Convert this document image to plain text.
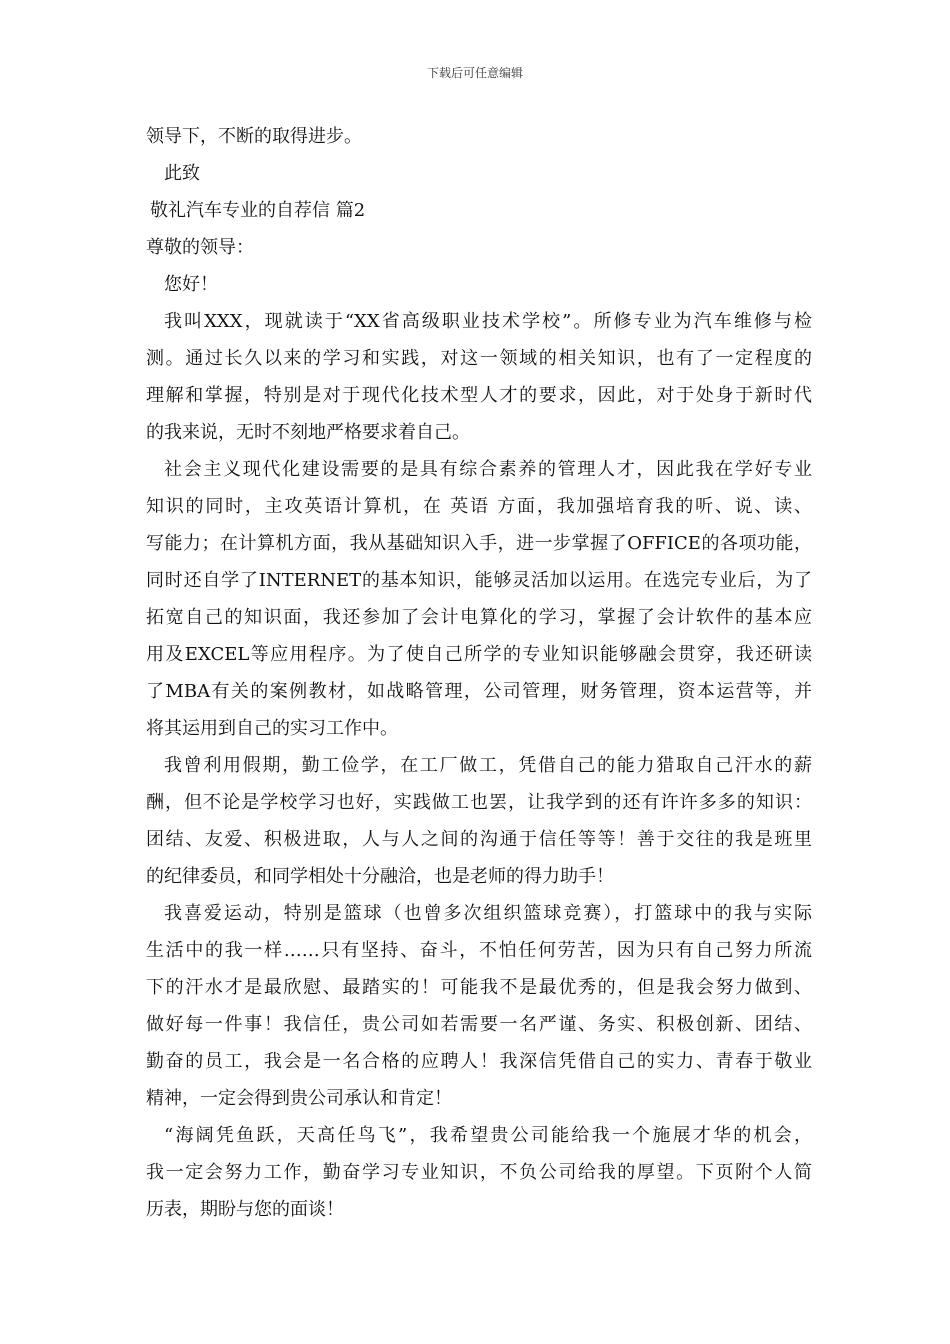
下载后可任意编辑
领导下，不断的取得进步。
此致
敬礼汽车专业的自荐信 篇2
尊敬的领导：
您好！
我叫XXX，现就读于“XX省高级职业技术学校”。所修专业为汽车维修与检
测。通过长久以来的学习和实践，对这一领域的相关知识，也有了一定程度的
理解和掌握，特别是对于现代化技术型人才的要求，因此，对于处身于新时代
的我来说，无时不刻地严格要求着自己。
社会主义现代化建设需要的是具有综合素养的管理人才，因此我在学好专业
知识的同时，主攻英语计算机，在 英语 方面，我加强培育我的听、说、读、
写能力；在计算机方面，我从基础知识入手，进一步掌握了OFFICE的各项功能，
同时还自学了INTERNET的基本知识，能够灵活加以运用。在选完专业后，为了
拓宽自己的知识面，我还参加了会计电算化的学习，掌握了会计软件的基本应
用及EXCEL等应用程序。为了使自己所学的专业知识能够融会贯穿，我还研读
了MBA有关的案例教材，如战略管理，公司管理，财务管理，资本运营等，并
将其运用到自己的实习工作中。
我曾利用假期，勤工俭学，在工厂做工，凭借自己的能力猎取自己汗水的薪
酬，但不论是学校学习也好，实践做工也罢，让我学到的还有许许多多的知识：
团结、友爱、积极进取，人与人之间的沟通于信任等等！善于交往的我是班里
的纪律委员，和同学相处十分融洽，也是老师的得力助手！
我喜爱运动，特别是篮球（也曾多次组织篮球竞赛），打篮球中的我与实际
生活中的我一样……只有坚持、奋斗，不怕任何劳苦，因为只有自己努力所流
下的汗水才是最欣慰、最踏实的！可能我不是最优秀的，但是我会努力做到、
做好每一件事！我信任，贵公司如若需要一名严谨、务实、积极创新、团结、
勤奋的员工，我会是一名合格的应聘人！我深信凭借自己的实力、青春于敬业
精神，一定会得到贵公司承认和肯定！
“海阔凭鱼跃，天高任鸟飞”，我希望贵公司能给我一个施展才华的机会，
我一定会努力工作，勤奋学习专业知识，不负公司给我的厚望。下页附个人简
历表，期盼与您的面谈！
